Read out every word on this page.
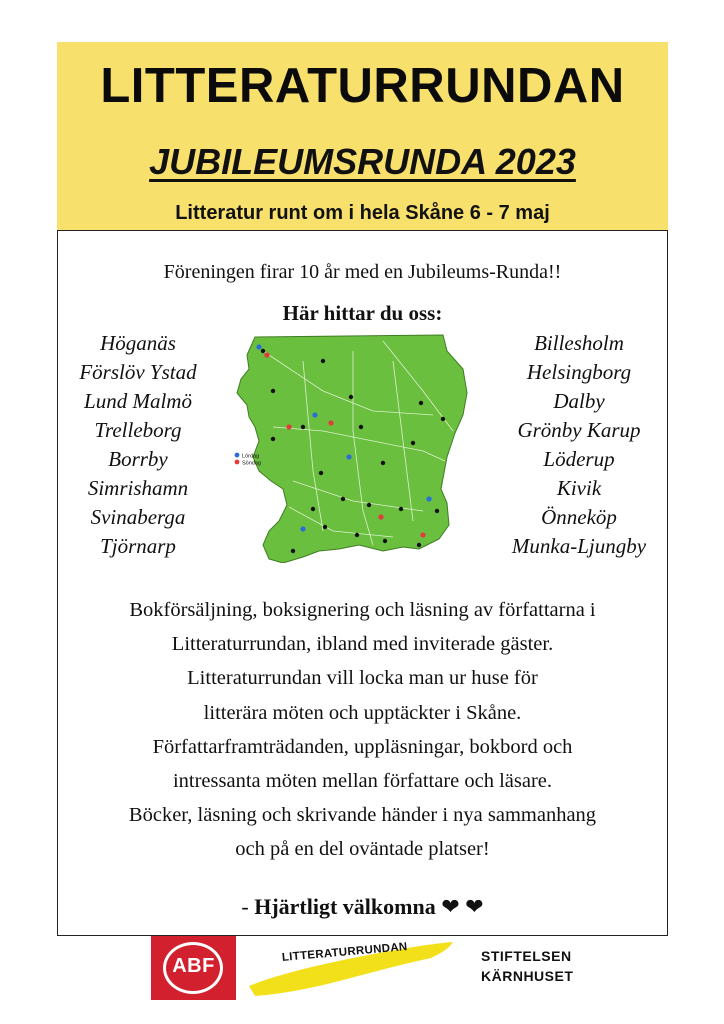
LITTERATURRUNDAN
JUBILEUMSRUNDA 2023
Litteratur runt om i hela Skåne 6 - 7 maj
Föreningen firar 10 år med en Jubileums-Runda!!
Här hittar du oss:
Höganäs
Förslöv Ystad
Lund Malmö
Trelleborg
Borrby
Simrishamn
Svinaberga
Tjörnarp
Lördag
Söndag
Billesholm
Helsingborg
Dalby
Grönby Karup
Löderup
Kivik
Önneköp
Munka-Ljungby
Bokförsäljning, boksignering och läsning av författarna i
Litteraturrundan, ibland med inviterade gäster.
Litteraturrundan vill locka man ur huse för
litterära möten och upptäckter i Skåne.
Författarframträdanden, uppläsningar, bokbord och
intressanta möten mellan författare och läsare.
Böcker, läsning och skrivande händer i nya sammanhang
och på en del oväntade platser!
- Hjärtligt välkomna ❤ ❤
ABF
LITTERATURRUNDAN	STIFTELSEN
KÄRNHUSET
